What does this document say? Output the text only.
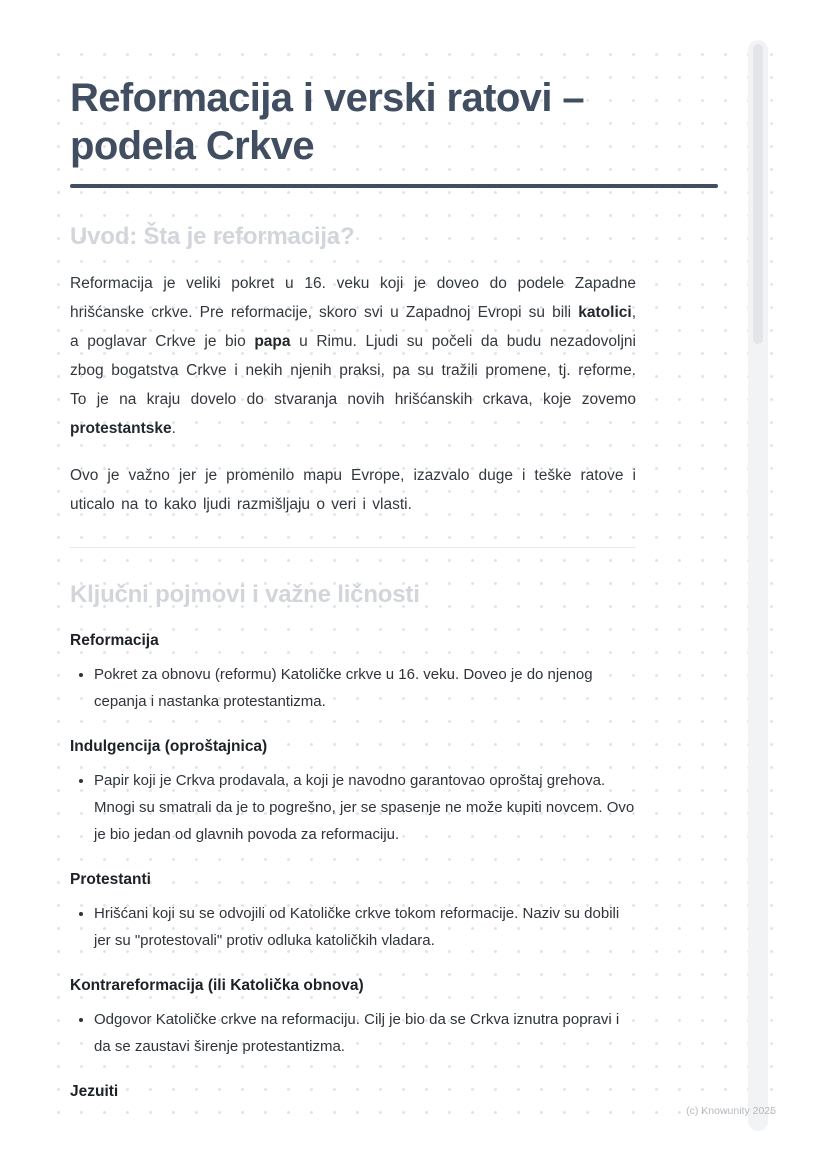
Reformacija i verski ratovi – podela Crkve
Uvod: Šta je reformacija?

Reformacija je veliki pokret u 16. veku koji je doveo do podele Zapadne hrišćanske crkve. Pre reformacije, skoro svi u Zapadnoj Evropi su bili katolici, a poglavar Crkve je bio papa u Rimu. Ljudi su počeli da budu nezadovoljni zbog bogatstva Crkve i nekih njenih praksi, pa su tražili promene, tj. reforme. To je na kraju dovelo do stvaranja novih hrišćanskih crkava, koje zovemo protestantske.

Ovo je važno jer je promenilo mapu Evrope, izazvalo duge i teške ratove i uticalo na to kako ljudi razmišljaju o veri i vlasti.

Ključni pojmovi i važne ličnosti
Reformacija
• Pokret za obnovu (reformu) Katoličke crkve u 16. veku. Doveo je do njenog cepanja i nastanka protestantizma.
Indulgencija (oproštajnica)
• Papir koji je Crkva prodavala, a koji je navodno garantovao oproštaj grehova. Mnogi su smatrali da je to pogrešno, jer se spasenje ne može kupiti novcem. Ovo je bio jedan od glavnih povoda za reformaciju.
Protestanti
• Hrišćani koji su se odvojili od Katoličke crkve tokom reformacije. Naziv su dobili jer su "protestovali" protiv odluka katoličkih vladara.
Kontrareformacija (ili Katolička obnova)
• Odgovor Katoličke crkve na reformaciju. Cilj je bio da se Crkva iznutra popravi i da se zaustavi širenje protestantizma.
Jezuiti
(c) Knowunity 2025
